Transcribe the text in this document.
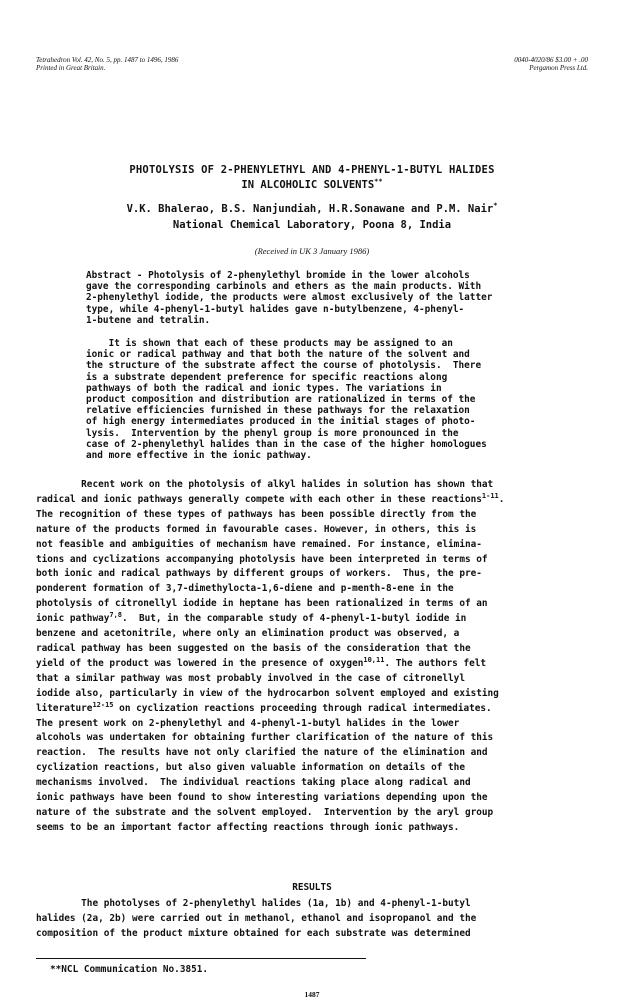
Tetrahedron Vol. 42, No. 5, pp. 1487 to 1496, 1986
Printed in Great Britain.
0040-4020/86 $3.00 + .00
Pergamon Press Ltd.
PHOTOLYSIS OF 2-PHENYLETHYL AND 4-PHENYL-1-BUTYL HALIDES
IN ALCOHOLIC SOLVENTS**
V.K. Bhalerao, B.S. Nanjundiah, H.R.Sonawane and P.M. Nair*
National Chemical Laboratory, Poona 8, India
(Received in UK 3 January 1986)
Abstract - Photolysis of 2-phenylethyl bromide in the lower alcohols
gave the corresponding carbinols and ethers as the main products. With
2-phenylethyl iodide, the products were almost exclusively of the latter
type, while 4-phenyl-1-butyl halides gave n-butylbenzene, 4-phenyl-
1-butene and tetralin.
It is shown that each of these products may be assigned to an
ionic or radical pathway and that both the nature of the solvent and
the structure of the substrate affect the course of photolysis.  There
is a substrate dependent preference for specific reactions along
pathways of both the radical and ionic types. The variations in
product composition and distribution are rationalized in terms of the
relative efficiencies furnished in these pathways for the relaxation
of high energy intermediates produced in the initial stages of photo-
lysis.  Intervention by the phenyl group is more pronounced in the
case of 2-phenylethyl halides than in the case of the higher homologues
and more effective in the ionic pathway.
Recent work on the photolysis of alkyl halides in solution has shown that
radical and ionic pathways generally compete with each other in these reactions$^{1-11}$.
The recognition of these types of pathways has been possible directly from the
nature of the products formed in favourable cases. However, in others, this is
not feasible and ambiguities of mechanism have remained. For instance, elimina-
tions and cyclizations accompanying photolysis have been interpreted in terms of
both ionic and radical pathways by different groups of workers.  Thus, the pre-
ponderent formation of 3,7-dimethylocta-1,6-diene and p-menth-8-ene in the
photolysis of citronellyl iodide in heptane has been rationalized in terms of an
ionic pathway$^{7,8}$.  But, in the comparable study of 4-phenyl-1-butyl iodide in
benzene and acetonitrile, where only an elimination product was observed, a
radical pathway has been suggested on the basis of the consideration that the
yield of the product was lowered in the presence of oxygen$^{10,11}$. The authors felt
that a similar pathway was most probably involved in the case of citronellyl
iodide also, particularly in view of the hydrocarbon solvent employed and existing
literature$^{12-15}$ on cyclization reactions proceeding through radical intermediates.
The present work on 2-phenylethyl and 4-phenyl-1-butyl halides in the lower
alcohols was undertaken for obtaining further clarification of the nature of this
reaction.  The results have not only clarified the nature of the elimination and
cyclization reactions, but also given valuable information on details of the
mechanisms involved.  The individual reactions taking place along radical and
ionic pathways have been found to show interesting variations depending upon the
nature of the substrate and the solvent employed.  Intervention by the aryl group
seems to be an important factor affecting reactions through ionic pathways.
RESULTS
The photolyses of 2-phenylethyl halides (1a, 1b) and 4-phenyl-1-butyl
halides (2a, 2b) were carried out in methanol, ethanol and isopropanol and the
composition of the product mixture obtained for each substrate was determined
**NCL Communication No.3851.
1487
